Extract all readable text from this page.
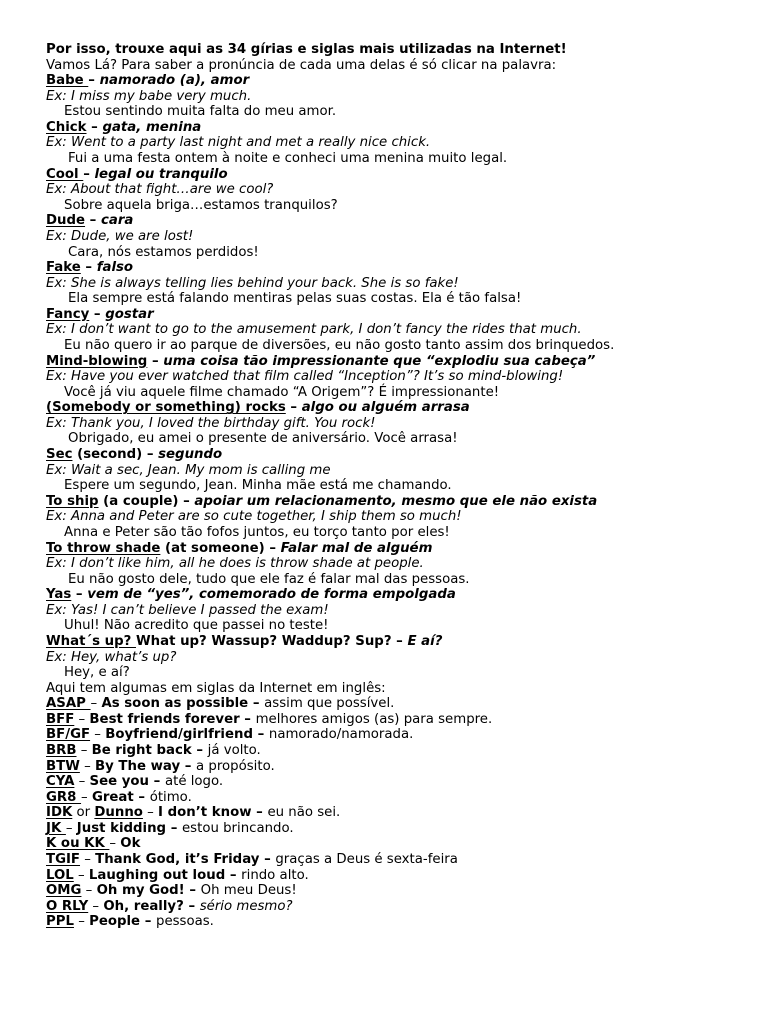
Por isso, trouxe aqui as 34 gírias e siglas mais utilizadas na Internet!
Vamos Lá? Para saber a pronúncia de cada uma delas é só clicar na palavra:
Babe – namorado (a), amor
Ex: I miss my babe very much.
Estou sentindo muita falta do meu amor.
Chick – gata, menina
Ex: Went to a party last night and met a really nice chick.
Fui a uma festa ontem à noite e conheci uma menina muito legal.
Cool – legal ou tranquilo
Ex: About that fight…are we cool?
Sobre aquela briga…estamos tranquilos?
Dude – cara
Ex: Dude, we are lost!
Cara, nós estamos perdidos!
Fake – falso
Ex: She is always telling lies behind your back. She is so fake!
Ela sempre está falando mentiras pelas suas costas. Ela é tão falsa!
Fancy – gostar
Ex: I don’t want to go to the amusement park, I don’t fancy the rides that much.
Eu não quero ir ao parque de diversões, eu não gosto tanto assim dos brinquedos.
Mind-blowing – uma coisa tão impressionante que “explodiu sua cabeça”
Ex: Have you ever watched that film called “Inception”? It’s so mind-blowing!
Você já viu aquele filme chamado “A Origem”? É impressionante!
(Somebody or something) rocks – algo ou alguém arrasa
Ex: Thank you, I loved the birthday gift. You rock!
Obrigado, eu amei o presente de aniversário. Você arrasa!
Sec (second) – segundo
Ex: Wait a sec, Jean. My mom is calling me
Espere um segundo, Jean. Minha mãe está me chamando.
To ship (a couple) – apoiar um relacionamento, mesmo que ele não exista
Ex: Anna and Peter are so cute together, I ship them so much!
Anna e Peter são tão fofos juntos, eu torço tanto por eles!
To throw shade (at someone) – Falar mal de alguém
Ex: I don’t like him, all he does is throw shade at people.
Eu não gosto dele, tudo que ele faz é falar mal das pessoas.
Yas – vem de “yes”, comemorado de forma empolgada
Ex: Yas! I can’t believe I passed the exam!
Uhul! Não acredito que passei no teste!
What´s up? What up? Wassup? Waddup? Sup? – E aí?
Ex: Hey, what’s up?
Hey, e aí?
Aqui tem algumas em siglas da Internet em inglês:
ASAP – As soon as possible – assim que possível.
BFF – Best friends forever – melhores amigos (as) para sempre.
BF/GF – Boyfriend/girlfriend – namorado/namorada.
BRB – Be right back – já volto.
BTW – By The way – a propósito.
CYA – See you – até logo.
GR8 – Great – ótimo.
IDK or Dunno – I don’t know – eu não sei.
JK – Just kidding – estou brincando.
K ou KK – Ok
TGIF – Thank God, it’s Friday – graças a Deus é sexta-feira
LOL – Laughing out loud – rindo alto.
OMG – Oh my God! – Oh meu Deus!
O RLY – Oh, really? – sério mesmo?
PPL – People – pessoas.
